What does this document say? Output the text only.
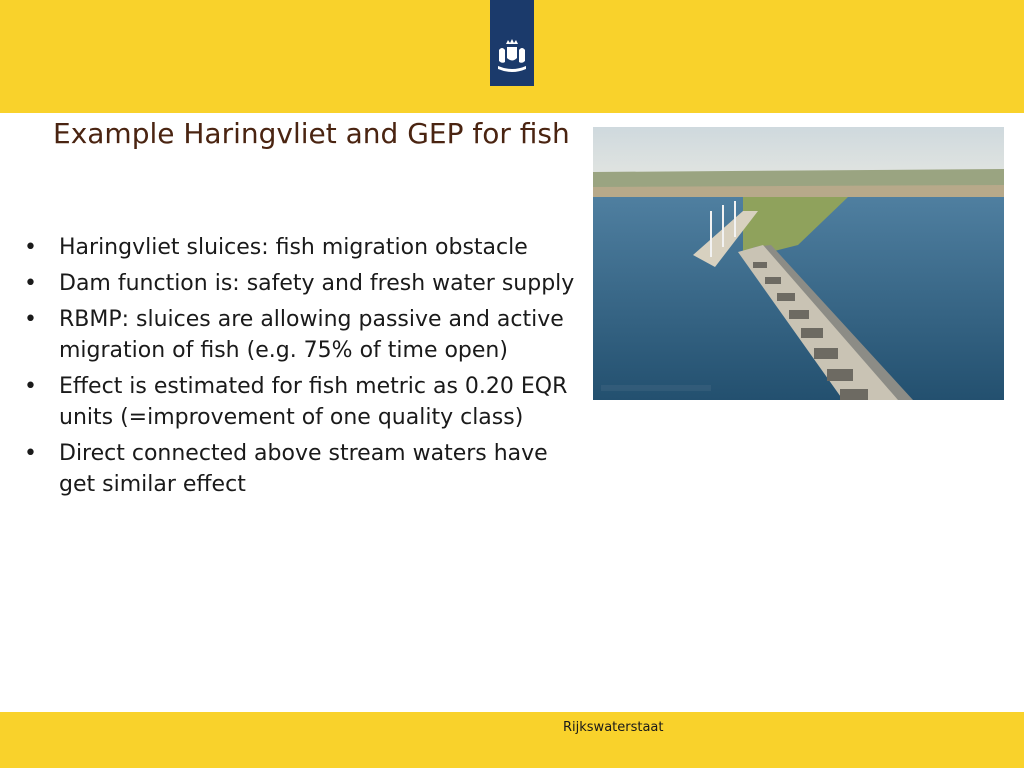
Example Haringvliet and GEP for fish
• Haringvliet sluices: fish migration obstacle
• Dam function is: safety and fresh water supply
• RBMP: sluices are allowing passive and active migration of fish (e.g. 75% of time open)
• Effect is estimated for fish metric as 0.20 EQR units (=improvement of one quality class)
• Direct connected above stream waters have get similar effect
Rijkswaterstaat
